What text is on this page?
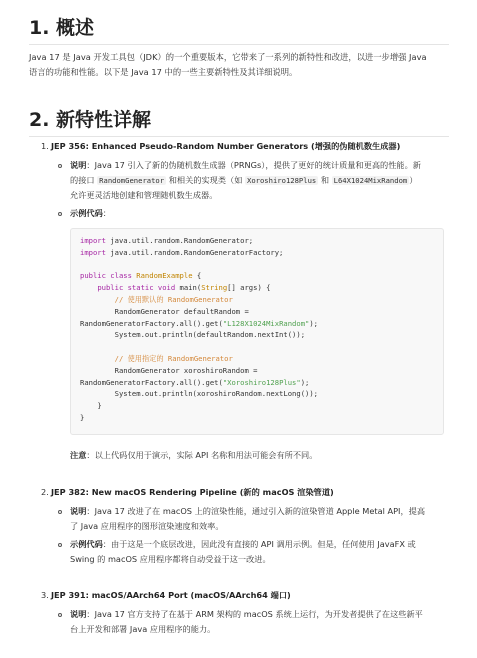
1. 概述

Java 17 是 Java 开发工具包（JDK）的一个重要版本，它带来了一系列的新特性和改进，以进一步增强 Java

语言的功能和性能。以下是 Java 17 中的一些主要新特性及其详细说明。

2. 新特性详解
1. JEP 356: Enhanced Pseudo-Random Number Generators (增强的伪随机数生成器)
说明：Java 17 引入了新的伪随机数生成器（PRNGs），提供了更好的统计质量和更高的性能。新
的接口 RandomGenerator 和相关的实现类（如 Xoroshiro128Plus 和 L64X1024MixRandom ）
允许更灵活地创建和管理随机数生成器。
示例代码：
import java.util.random.RandomGenerator;
import java.util.random.RandomGeneratorFactory;
public class RandomExample {
public static void main(String[] args) {
// 使用默认的 RandomGenerator
RandomGenerator defaultRandom =
RandomGeneratorFactory.all().get("L128X1024MixRandom");
System.out.println(defaultRandom.nextInt());
// 使用指定的 RandomGenerator
RandomGenerator xoroshiroRandom =
RandomGeneratorFactory.all().get("Xoroshiro128Plus");
System.out.println(xoroshiroRandom.nextLong());
}
}
注意：以上代码仅用于演示，实际 API 名称和用法可能会有所不同。
2. JEP 382: New macOS Rendering Pipeline (新的 macOS 渲染管道)
说明：Java 17 改进了在 macOS 上的渲染性能，通过引入新的渲染管道 Apple Metal API，提高
了 Java 应用程序的图形渲染速度和效率。
示例代码：由于这是一个底层改进，因此没有直接的 API 调用示例。但是，任何使用 JavaFX 或
Swing 的 macOS 应用程序都将自动受益于这一改进。
3. JEP 391: macOS/AArch64 Port (macOS/AArch64 端口)
说明：Java 17 官方支持了在基于 ARM 架构的 macOS 系统上运行，为开发者提供了在这些新平
台上开发和部署 Java 应用程序的能力。
